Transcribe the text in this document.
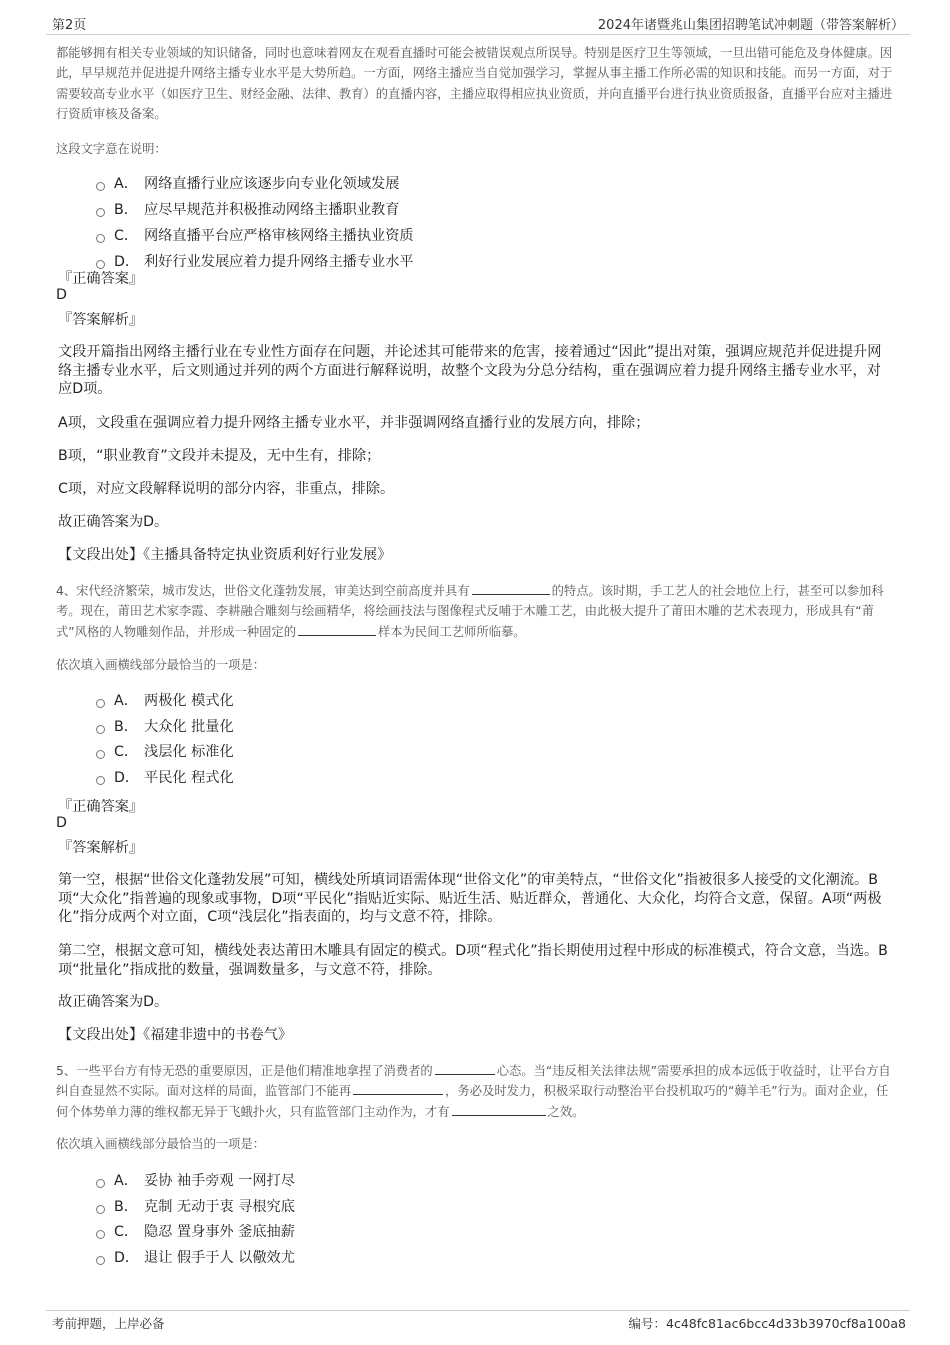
第2页	2024年诸暨兆山集团招聘笔试冲刺题（带答案解析）
都能够拥有相关专业领域的知识储备，同时也意味着网友在观看直播时可能会被错误观点所误导。特别是医疗卫生等领域，一旦出错可能危及身体健康。因此，早早规范并促进提升网络主播专业水平是大势所趋。一方面，网络主播应当自觉加强学习，掌握从事主播工作所必需的知识和技能。而另一方面，对于需要较高专业水平（如医疗卫生、财经金融、法律、教育）的直播内容，主播应取得相应执业资质，并向直播平台进行执业资质报备，直播平台应对主播进行资质审核及备案。
这段文字意在说明：
A． 网络直播行业应该逐步向专业化领域发展
B． 应尽早规范并积极推动网络主播职业教育
C． 网络直播平台应严格审核网络主播执业资质
D． 利好行业发展应着力提升网络主播专业水平
『正确答案』
D
『答案解析』
文段开篇指出网络主播行业在专业性方面存在问题，并论述其可能带来的危害，接着通过“因此”提出对策，强调应规范并促进提升网络主播专业水平，后文则通过并列的两个方面进行解释说明，故整个文段为分总分结构，重在强调应着力提升网络主播专业水平，对应D项。
A项，文段重在强调应着力提升网络主播专业水平，并非强调网络直播行业的发展方向，排除；
B项，“职业教育”文段并未提及，无中生有，排除；
C项，对应文段解释说明的部分内容，非重点，排除。
故正确答案为D。
【文段出处】《主播具备特定执业资质利好行业发展》
4、宋代经济繁荣，城市发达，世俗文化蓬勃发展，审美达到空前高度并具有	的特点。该时期，手工艺人的社会地位上行，甚至可以参加科考。现在，莆田艺术家李霞、李耕融合雕刻与绘画精华，将绘画技法与图像程式反哺于木雕工艺，由此极大提升了莆田木雕的艺术表现力，形成具有“莆式”风格的人物雕刻作品，并形成一种固定的	样本为民间工艺师所临摹。
依次填入画横线部分最恰当的一项是：
A． 两极化 模式化
B． 大众化 批量化
C． 浅层化 标准化
D． 平民化 程式化
『正确答案』
D
『答案解析』
第一空，根据“世俗文化蓬勃发展”可知，横线处所填词语需体现“世俗文化”的审美特点，“世俗文化”指被很多人接受的文化潮流。B项“大众化”指普遍的现象或事物，D项“平民化”指贴近实际、贴近生活、贴近群众，普通化、大众化，均符合文意，保留。A项“两极化”指分成两个对立面，C项“浅层化”指表面的，均与文意不符，排除。
第二空，根据文意可知，横线处表达莆田木雕具有固定的模式。D项“程式化”指长期使用过程中形成的标准模式，符合文意，当选。B项“批量化”指成批的数量，强调数量多，与文意不符，排除。
故正确答案为D。
【文段出处】《福建非遗中的书卷气》
5、一些平台方有恃无恐的重要原因，正是他们精准地拿捏了消费者的	心态。当“违反相关法律法规”需要承担的成本远低于收益时，让平台方自纠自查显然不实际。面对这样的局面，监管部门不能再	，务必及时发力，积极采取行动整治平台投机取巧的“薅羊毛”行为。面对企业，任何个体势单力薄的维权都无异于飞蛾扑火，只有监管部门主动作为，才有	之效。
依次填入画横线部分最恰当的一项是：
A． 妥协 袖手旁观 一网打尽
B． 克制 无动于衷 寻根究底
C． 隐忍 置身事外 釜底抽薪
D． 退让 假手于人 以儆效尤
考前押题，上岸必备	编号：4c48fc81ac6bcc4d33b3970cf8a100a8
